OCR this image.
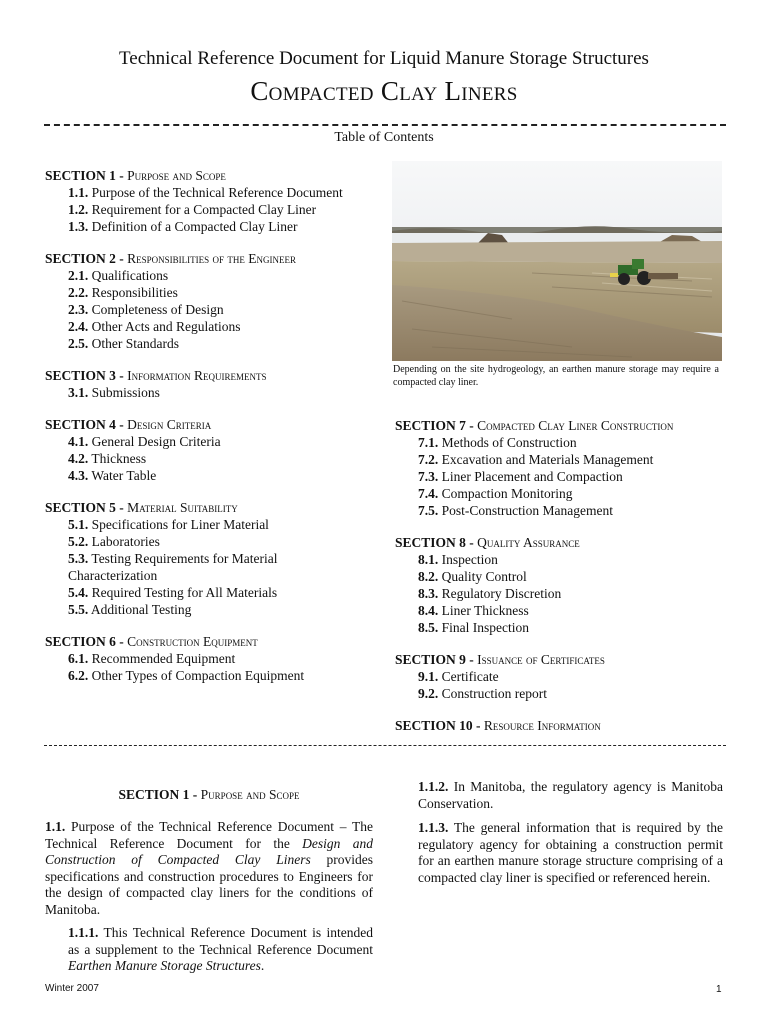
Technical Reference Document for Liquid Manure Storage Structures
Compacted Clay Liners
Table of Contents
SECTION 1 - Purpose and Scope
1.1. Purpose of the Technical Reference Document
1.2. Requirement for a Compacted Clay Liner
1.3. Definition of a Compacted Clay Liner
SECTION 2 - Responsibilities of the Engineer
2.1. Qualifications
2.2. Responsibilities
2.3. Completeness of Design
2.4. Other Acts and Regulations
2.5. Other Standards
SECTION 3 - Information Requirements
3.1. Submissions
SECTION 4 - Design Criteria
4.1. General Design Criteria
4.2. Thickness
4.3. Water Table
SECTION 5 - Material Suitability
5.1. Specifications for Liner Material
5.2. Laboratories
5.3. Testing Requirements for Material
Characterization
5.4. Required Testing for All Materials
5.5. Additional Testing
SECTION 6 - Construction Equipment
6.1. Recommended Equipment
6.2. Other Types of Compaction Equipment
Depending on the site hydrogeology, an earthen manure storage may require a compacted clay liner.
SECTION 7 - Compacted Clay Liner Construction
7.1. Methods of Construction
7.2. Excavation and Materials Management
7.3. Liner Placement and Compaction
7.4. Compaction Monitoring
7.5. Post-Construction Management
SECTION 8 - Quality Assurance
8.1. Inspection
8.2. Quality Control
8.3. Regulatory Discretion
8.4. Liner Thickness
8.5. Final Inspection
SECTION 9 - Issuance of Certificates
9.1. Certificate
9.2. Construction report
SECTION 10 - Resource Information
SECTION 1 - Purpose and Scope
1.1. Purpose of the Technical Reference Document – The Technical Reference Document for the Design and Construction of Compacted Clay Liners provides specifications and construction procedures to Engineers for the design of compacted clay liners for the conditions of Manitoba.
1.1.1. This Technical Reference Document is intended as a supplement to the Technical Reference Document Earthen Manure Storage Structures.
1.1.2. In Manitoba, the regulatory agency is Manitoba Conservation.
1.1.3. The general information that is required by the regulatory agency for obtaining a construction permit for an earthen manure storage structure comprising of a compacted clay liner is specified or referenced herein.
Winter 2007	1
